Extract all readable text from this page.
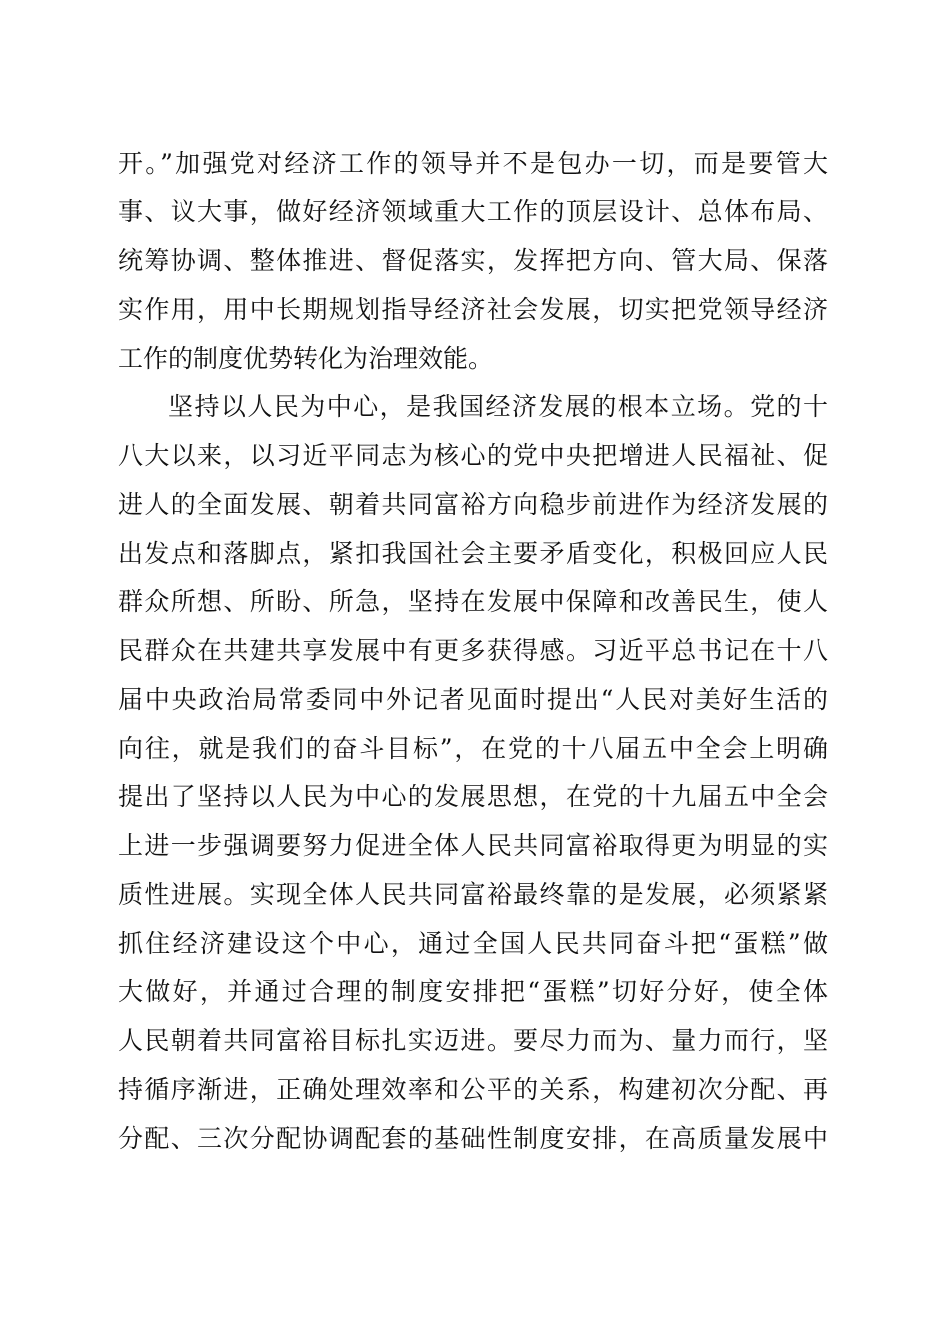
开。”加强党对经济工作的领导并不是包办一切，而是要管大
事、议大事，做好经济领域重大工作的顶层设计、总体布局、
统筹协调、整体推进、督促落实，发挥把方向、管大局、保落
实作用，用中长期规划指导经济社会发展，切实把党领导经济
工作的制度优势转化为治理效能。
坚持以人民为中心，是我国经济发展的根本立场。党的十
八大以来，以习近平同志为核心的党中央把增进人民福祉、促
进人的全面发展、朝着共同富裕方向稳步前进作为经济发展的
出发点和落脚点，紧扣我国社会主要矛盾变化，积极回应人民
群众所想、所盼、所急，坚持在发展中保障和改善民生，使人
民群众在共建共享发展中有更多获得感。习近平总书记在十八
届中央政治局常委同中外记者见面时提出“人民对美好生活的
向往，就是我们的奋斗目标”，在党的十八届五中全会上明确
提出了坚持以人民为中心的发展思想，在党的十九届五中全会
上进一步强调要努力促进全体人民共同富裕取得更为明显的实
质性进展。实现全体人民共同富裕最终靠的是发展，必须紧紧
抓住经济建设这个中心，通过全国人民共同奋斗把“蛋糕”做
大做好，并通过合理的制度安排把“蛋糕”切好分好，使全体
人民朝着共同富裕目标扎实迈进。要尽力而为、量力而行，坚
持循序渐进，正确处理效率和公平的关系，构建初次分配、再
分配、三次分配协调配套的基础性制度安排，在高质量发展中
